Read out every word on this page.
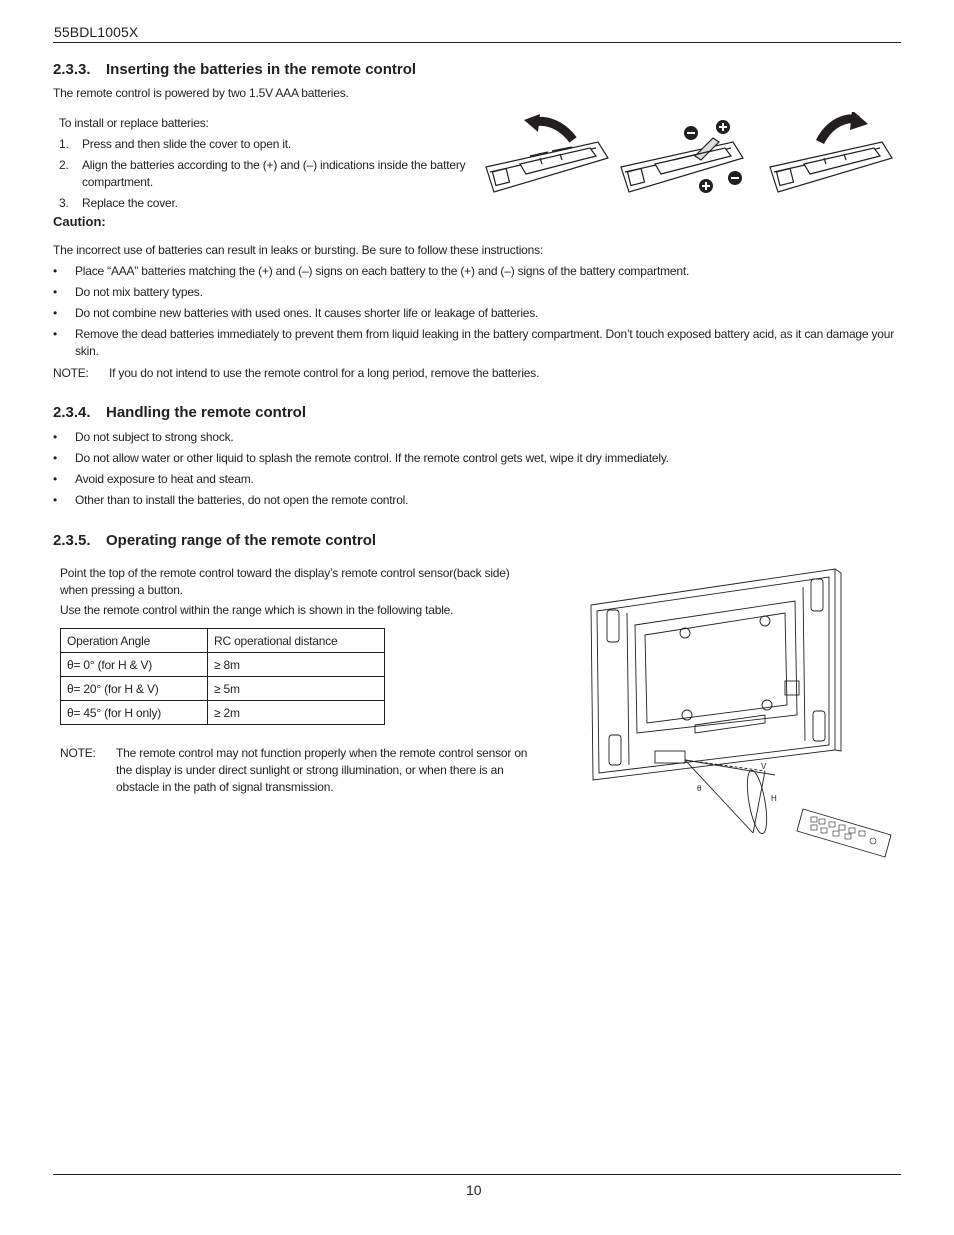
55BDL1005X
2.3.3. Inserting the batteries in the remote control
The remote control is powered by two 1.5V AAA batteries.
To install or replace batteries:
1. Press and then slide the cover to open it.
2. Align the batteries according to the (+) and (–) indications inside the battery compartment.
3. Replace the cover.
Caution:
The incorrect use of batteries can result in leaks or bursting. Be sure to follow these instructions:
• Place “AAA” batteries matching the (+) and (–) signs on each battery to the (+) and (–) signs of the battery compartment.
• Do not mix battery types.
• Do not combine new batteries with used ones. It causes shorter life or leakage of batteries.
• Remove the dead batteries immediately to prevent them from liquid leaking in the battery compartment. Don’t touch exposed battery acid, as it can damage your skin.
NOTE: If you do not intend to use the remote control for a long period, remove the batteries.
2.3.4. Handling the remote control
• Do not subject to strong shock.
• Do not allow water or other liquid to splash the remote control. If the remote control gets wet, wipe it dry immediately.
• Avoid exposure to heat and steam.
• Other than to install the batteries, do not open the remote control.
2.3.5. Operating range of the remote control
Point the top of the remote control toward the display’s remote control sensor(back side) when pressing a button.
Use the remote control within the range which is shown in the following table.
Operation Angle	RC operational distance
θ= 0° (for H & V)	≥ 8m
θ= 20° (for H & V)	≥ 5m
θ= 45° (for H only)	≥ 2m
NOTE:	The remote control may not function properly when the remote control sensor on the display is under direct sunlight or strong illumination, or when there is an obstacle in the path of signal transmission.
V
H
θ
10
